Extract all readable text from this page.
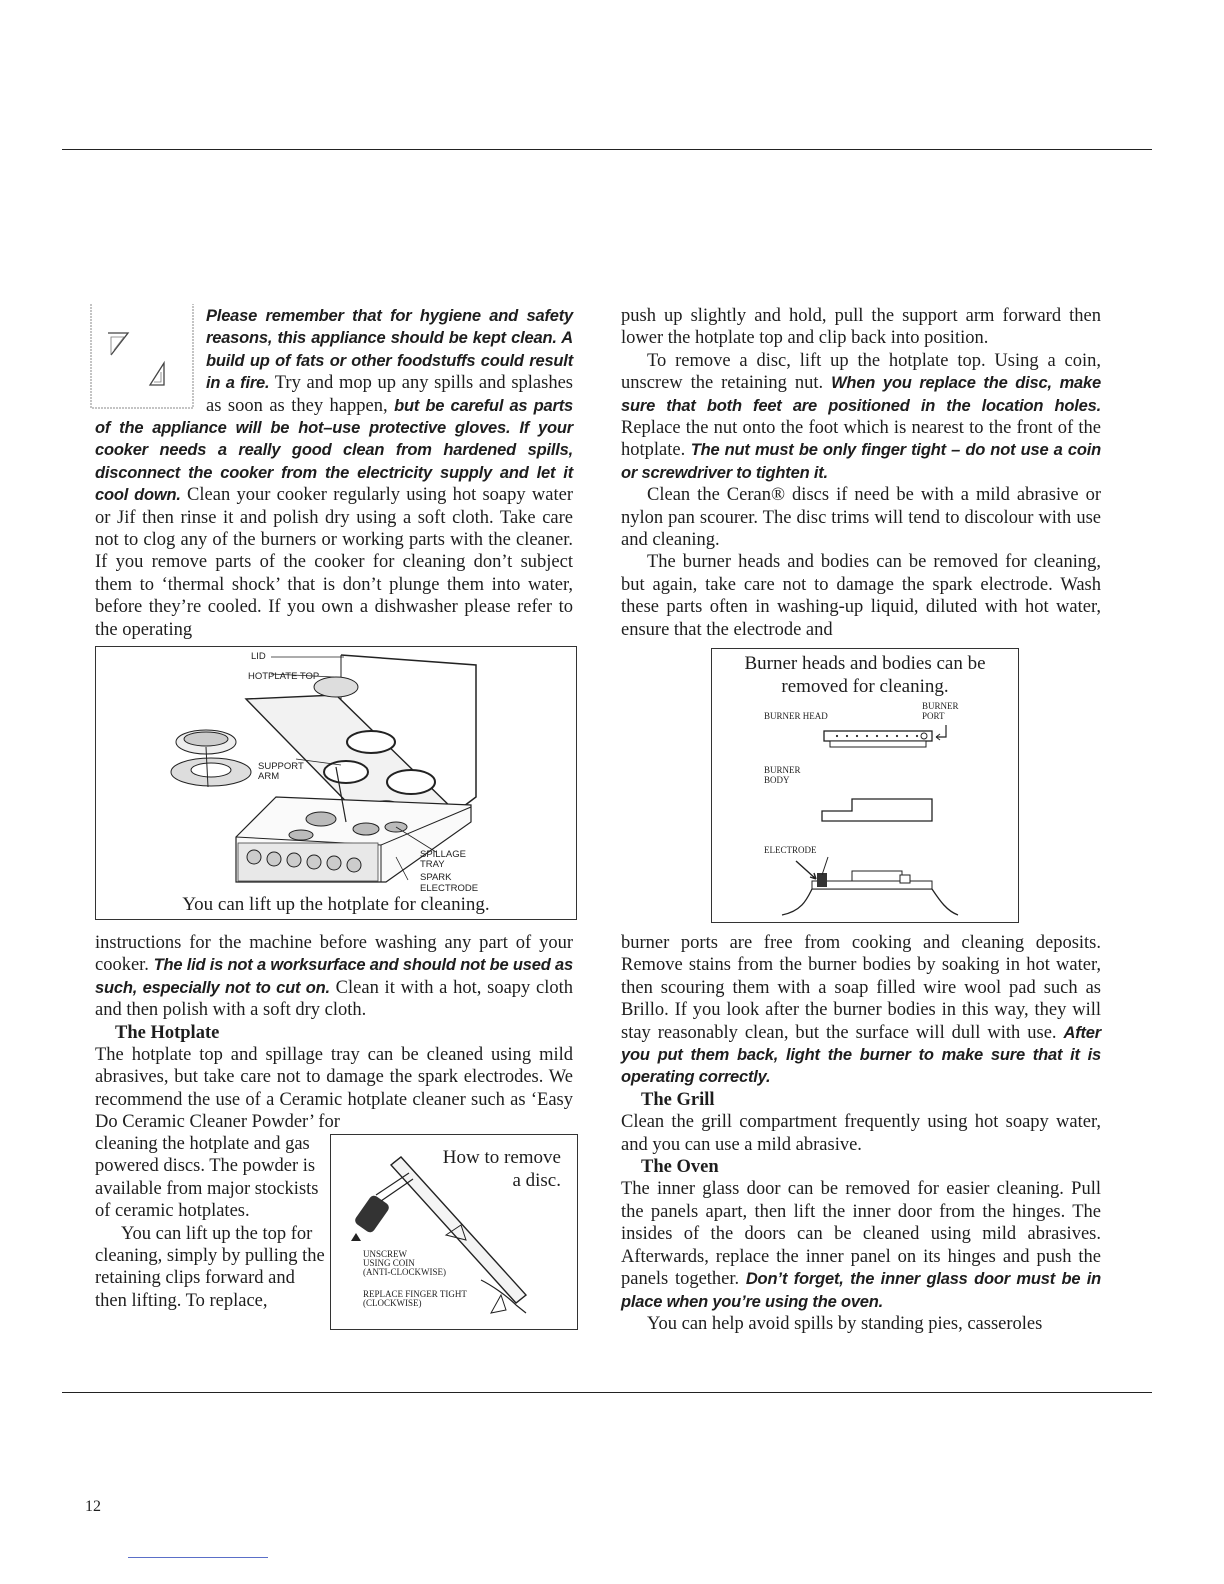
Please remember that for hygiene and safety reasons, this appliance should be kept clean. A build up of fats or other foodstuffs could result in a fire. Try and mop up any spills and splashes as soon as they happen, but be careful as parts of the appliance will be hot–use protective gloves. If your cooker needs a really good clean from hardened spills, disconnect the cooker from the electricity supply and let it cool down. Clean your cooker regularly using hot soapy water or Jif then rinse it and polish dry using a soft cloth. Take care not to clog any of the burners or working parts with the cleaner. If you remove parts of the cooker for cleaning don’t subject them to ‘thermal shock’ that is don’t plunge them into water, before they’re cooled. If you own a dishwasher please refer to the operating

LID
HOTPLATE TOP
SUPPORT
ARM
SPILLAGE
TRAY
SPARK
ELECTRODE
You can lift up the hotplate for cleaning.

instructions for the machine before washing any part of your cooker. The lid is not a worksurface and should not be used as such, especially not to cut on. Clean it with a hot, soapy cloth and then polish with a soft dry cloth.

The Hotplate

The hotplate top and spillage tray can be cleaned using mild abrasives, but take care not to damage the spark electrodes. We recommend the use of a Ceramic hotplate cleaner such as ‘Easy Do Ceramic Cleaner Powder’ for

cleaning the hotplate and gas powered discs. The powder is available from major stockists of ceramic hotplates.

You can lift up the top for cleaning, simply by pulling the retaining clips forward and then lifting. To replace,

How to remove
a disc.
UNSCREW
USING COIN
(ANTI-CLOCKWISE)
REPLACE FINGER TIGHT
(CLOCKWISE)

push up slightly and hold, pull the support arm forward then lower the hotplate top and clip back into position.

To remove a disc, lift up the hotplate top. Using a coin, unscrew the retaining nut. When you replace the disc, make sure that both feet are positioned in the location holes. Replace the nut onto the foot which is nearest to the front of the hotplate. The nut must be only finger tight – do not use a coin or screwdriver to tighten it.

Clean the Ceran® discs if need be with a mild abrasive or nylon pan scourer. The disc trims will tend to discolour with use and cleaning.

The burner heads and bodies can be removed for cleaning, but again, take care not to damage the spark electrode. Wash these parts often in washing-up liquid, diluted with hot water, ensure that the electrode and

Burner heads and bodies can be
removed for cleaning.
BURNER HEAD
BURNER
PORT
BURNER
BODY
ELECTRODE

burner ports are free from cooking and cleaning deposits. Remove stains from the burner bodies by soaking in hot water, then scouring them with a soap filled wire wool pad such as Brillo. If you look after the burner bodies in this way, they will stay reasonably clean, but the surface will dull with use. After you put them back, light the burner to make sure that it is operating correctly.

The Grill

Clean the grill compartment frequently using hot soapy water, and you can use a mild abrasive.

The Oven

The inner glass door can be removed for easier cleaning. Pull the panels apart, then lift the inner door from the hinges. The insides of the doors can be cleaned using mild abrasives. Afterwards, replace the inner panel on its hinges and push the panels together. Don’t forget, the inner glass door must be in place when you’re using the oven.

You can help avoid spills by standing pies, casseroles

12
